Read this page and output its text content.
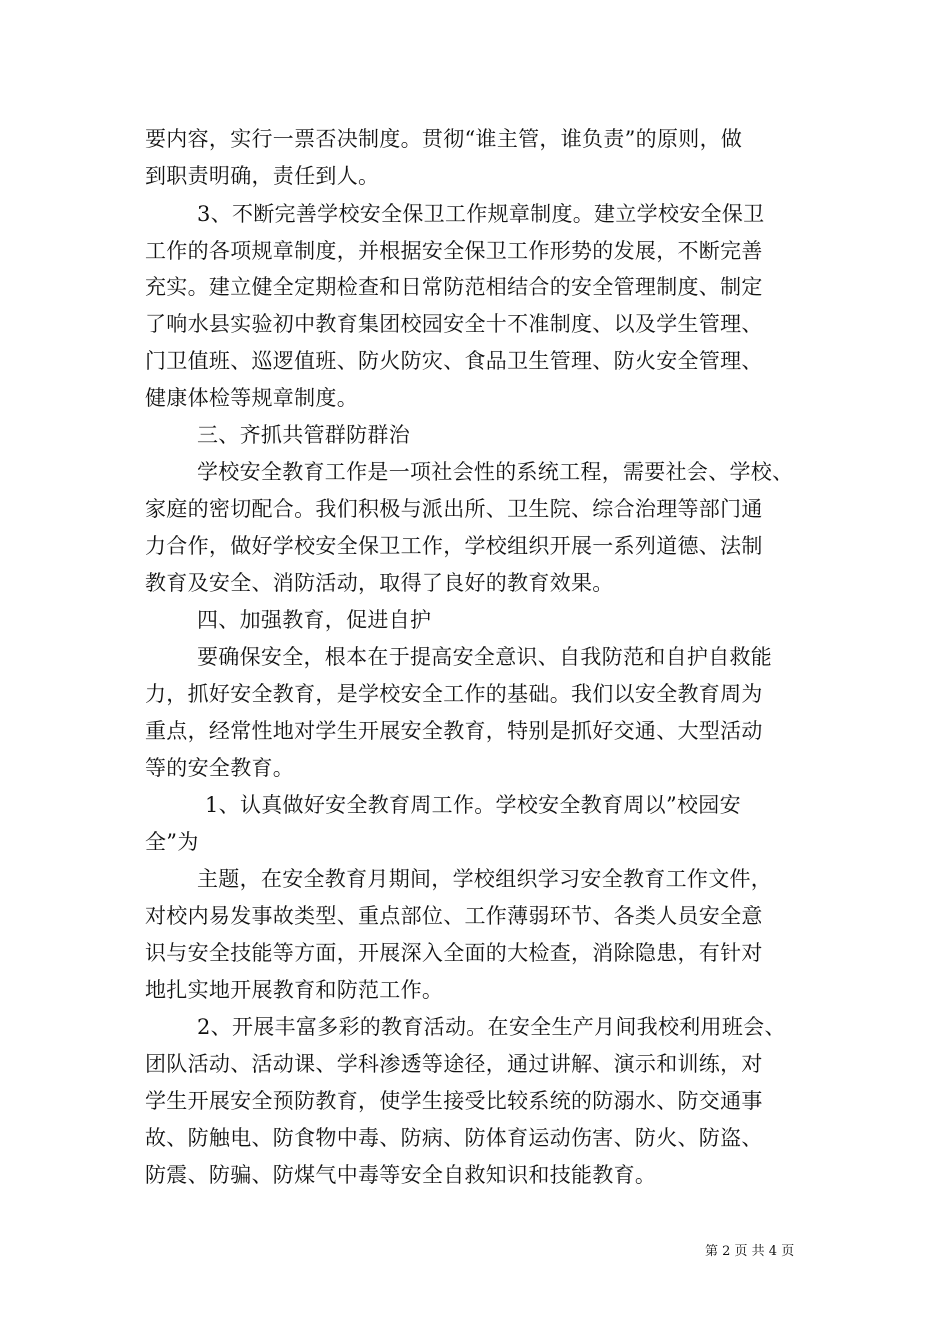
要内容，实行一票否决制度。贯彻“谁主管，谁负责”的原则，做
到职责明确，责任到人。
3、不断完善学校安全保卫工作规章制度。建立学校安全保卫
工作的各项规章制度，并根据安全保卫工作形势的发展，不断完善
充实。建立健全定期检查和日常防范相结合的安全管理制度、制定
了响水县实验初中教育集团校园安全十不准制度、以及学生管理、
门卫值班、巡逻值班、防火防灾、食品卫生管理、防火安全管理、
健康体检等规章制度。
三、齐抓共管群防群治
学校安全教育工作是一项社会性的系统工程，需要社会、学校、
家庭的密切配合。我们积极与派出所、卫生院、综合治理等部门通
力合作，做好学校安全保卫工作，学校组织开展一系列道德、法制
教育及安全、消防活动，取得了良好的教育效果。
四、加强教育，促进自护
要确保安全，根本在于提高安全意识、自我防范和自护自救能
力，抓好安全教育，是学校安全工作的基础。我们以安全教育周为
重点，经常性地对学生开展安全教育，特别是抓好交通、大型活动
等的安全教育。
1、认真做好安全教育周工作。学校安全教育周以”校园安
全”为
主题，在安全教育月期间，学校组织学习安全教育工作文件，
对校内易发事故类型、重点部位、工作薄弱环节、各类人员安全意
识与安全技能等方面，开展深入全面的大检查，消除隐患，有针对
地扎实地开展教育和防范工作。
2、开展丰富多彩的教育活动。在安全生产月间我校利用班会、
团队活动、活动课、学科渗透等途径，通过讲解、演示和训练，对
学生开展安全预防教育，使学生接受比较系统的防溺水、防交通事
故、防触电、防食物中毒、防病、防体育运动伤害、防火、防盗、
防震、防骗、防煤气中毒等安全自救知识和技能教育。
第 2 页 共 4 页
